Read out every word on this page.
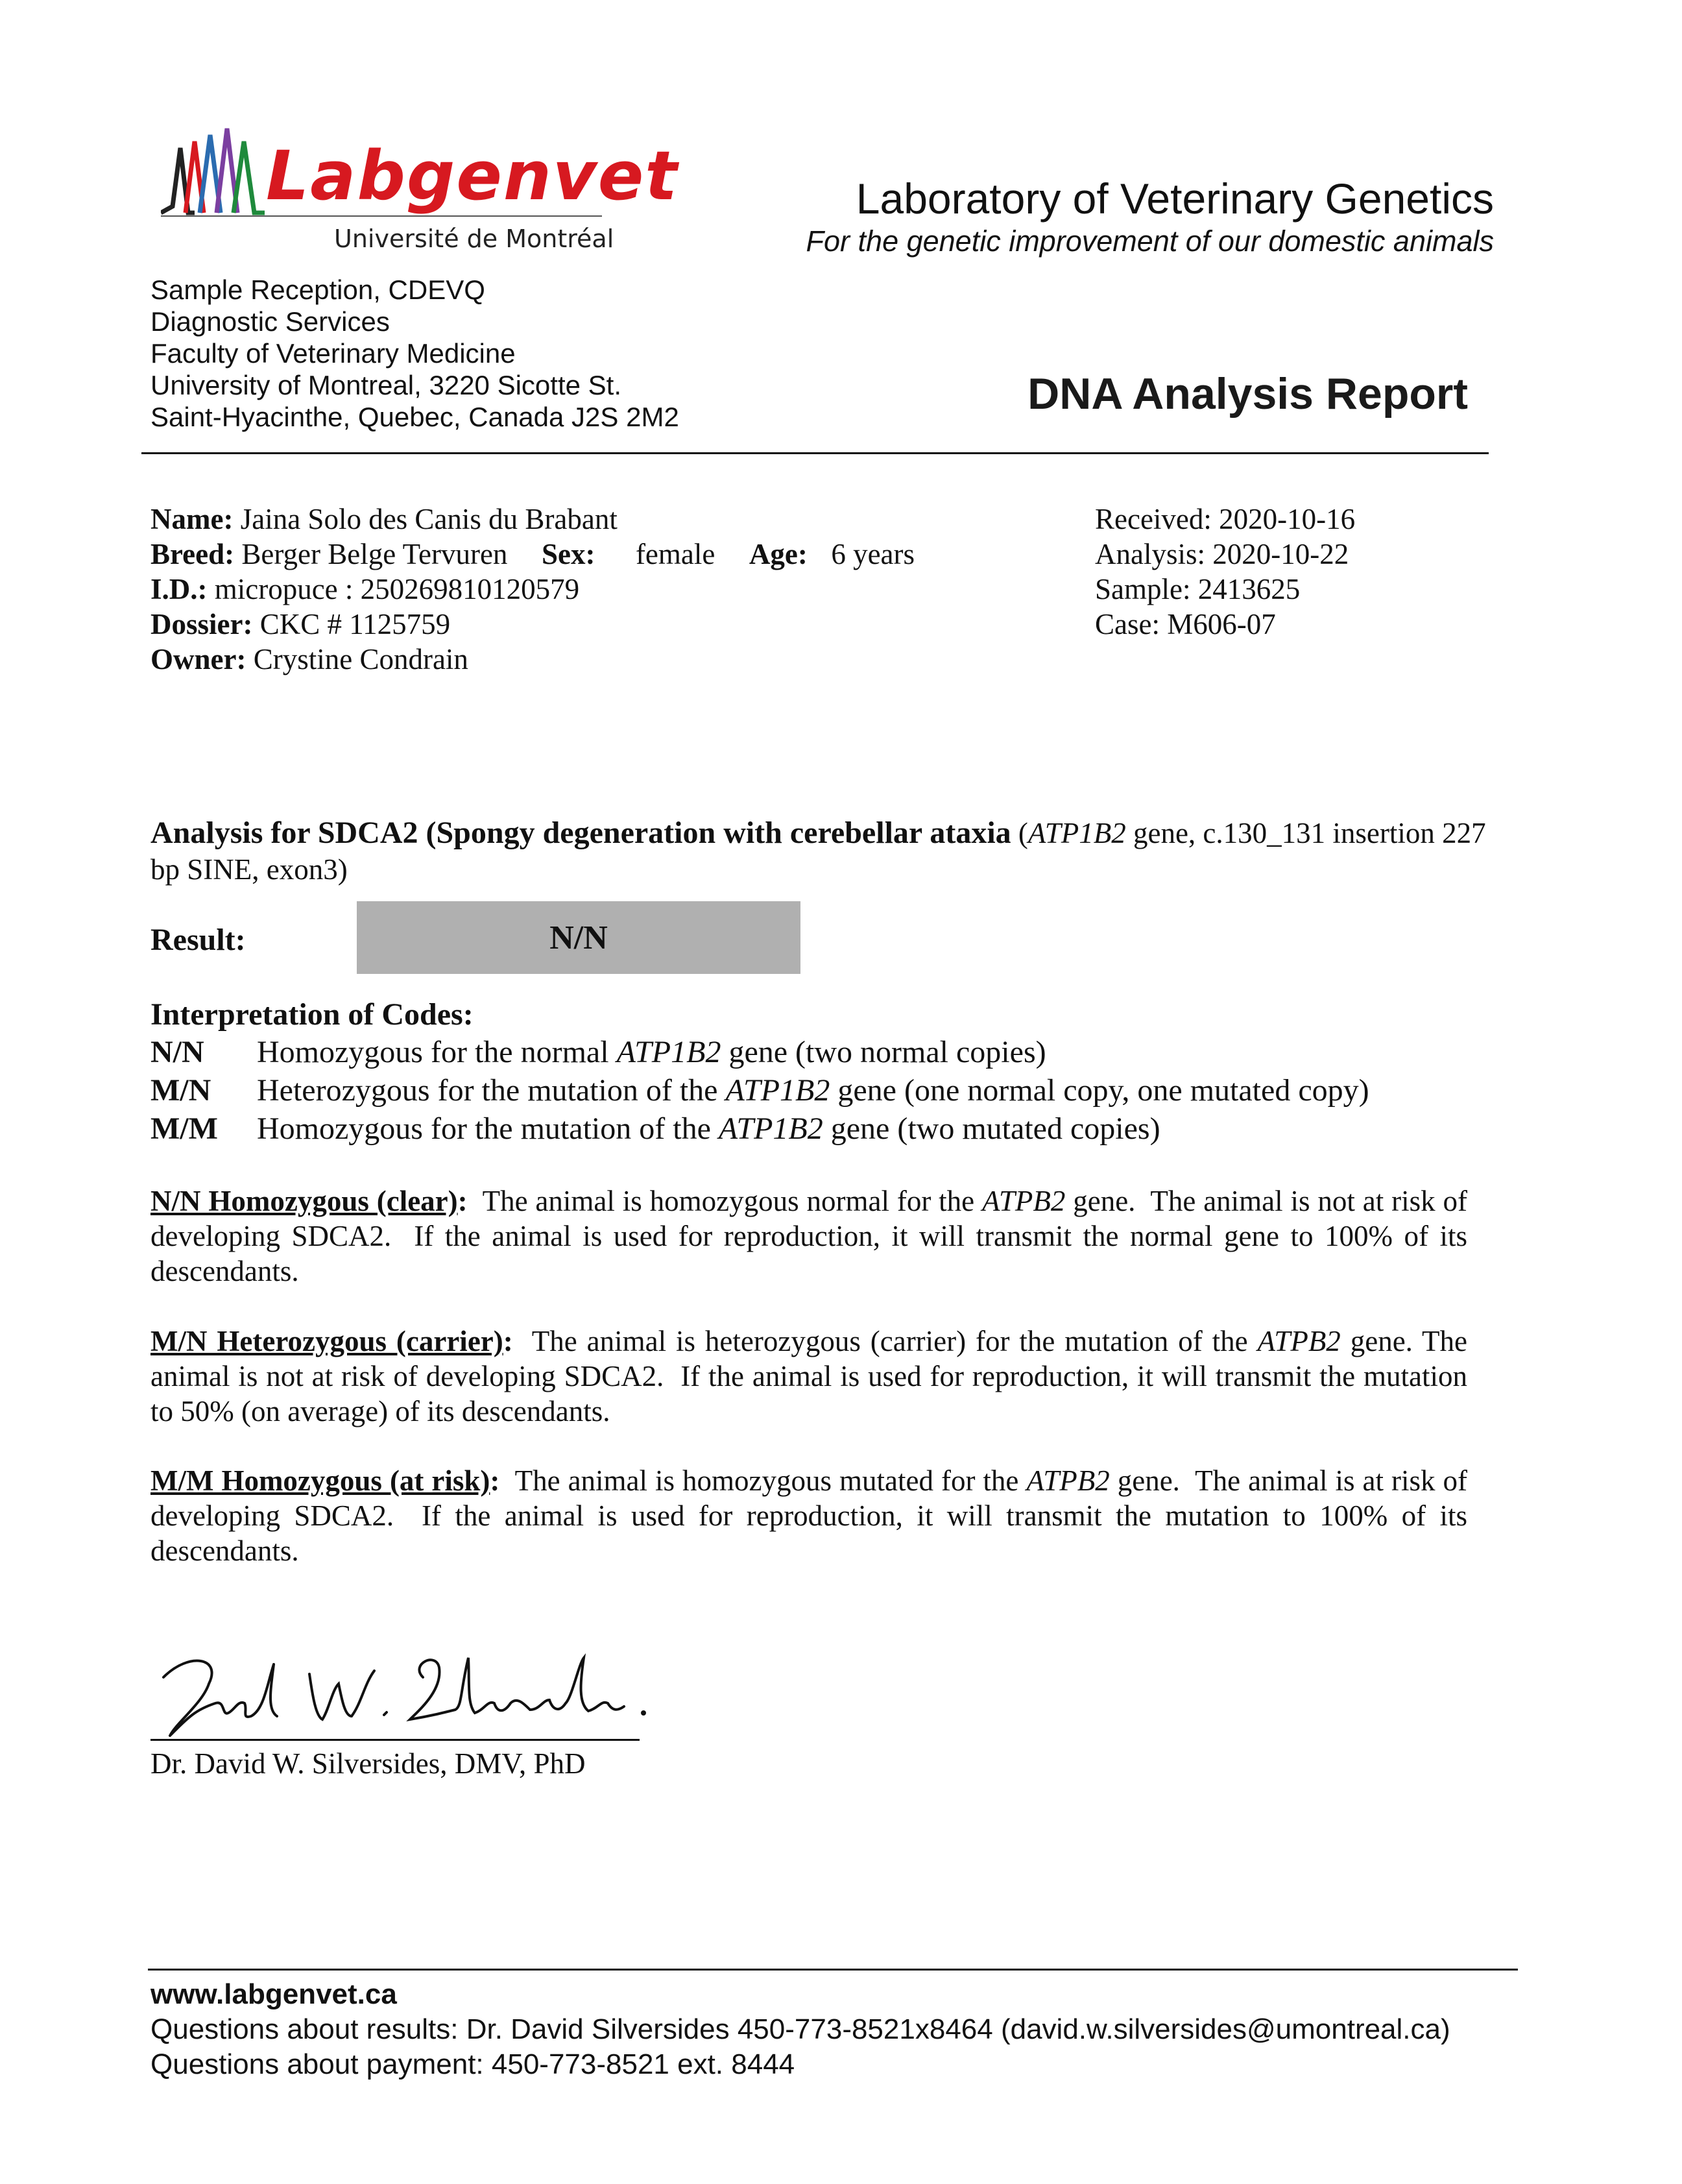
Labgenvet
Université de Montréal
Laboratory of Veterinary Genetics
For the genetic improvement of our domestic animals
Sample Reception, CDEVQ
Diagnostic Services
Faculty of Veterinary Medicine
University of Montreal, 3220 Sicotte St.
Saint-Hyacinthe, Quebec, Canada J2S 2M2	DNA Analysis Report
Name: Jaina Solo des Canis du Brabant
Breed: Berger Belge Tervuren Sex: female Age: 6 years
I.D.: micropuce : 250269810120579
Dossier: CKC # 1125759
Owner: Crystine Condrain
Received: 2020-10-16
Analysis: 2020-10-22
Sample: 2413625
Case: M606-07
Analysis for SDCA2 (Spongy degeneration with cerebellar ataxia (ATP1B2 gene, c.130_131 insertion 227 bp SINE, exon3)
Result:	N/N
Interpretation of Codes:
N/N Homozygous for the normal ATP1B2 gene (two normal copies)
M/N Heterozygous for the mutation of the ATP1B2 gene (one normal copy, one mutated copy)
M/M Homozygous for the mutation of the ATP1B2 gene (two mutated copies)
N/N Homozygous (clear):  The animal is homozygous normal for the ATPB2 gene.  The animal is not at risk of developing SDCA2.  If the animal is used for reproduction, it will transmit the normal gene to 100% of its descendants.
M/N Heterozygous (carrier):  The animal is heterozygous (carrier) for the mutation of the ATPB2 gene. The animal is not at risk of developing SDCA2.  If the animal is used for reproduction, it will transmit the mutation to 50% (on average) of its descendants.
M/M Homozygous (at risk):  The animal is homozygous mutated for the ATPB2 gene.  The animal is at risk of developing SDCA2.  If the animal is used for reproduction, it will transmit the mutation to 100% of its descendants.
Dr. David W. Silversides, DMV, PhD
www.labgenvet.ca
Questions about results: Dr. David Silversides 450-773-8521x8464 (david.w.silversides@umontreal.ca)
Questions about payment: 450-773-8521 ext. 8444
